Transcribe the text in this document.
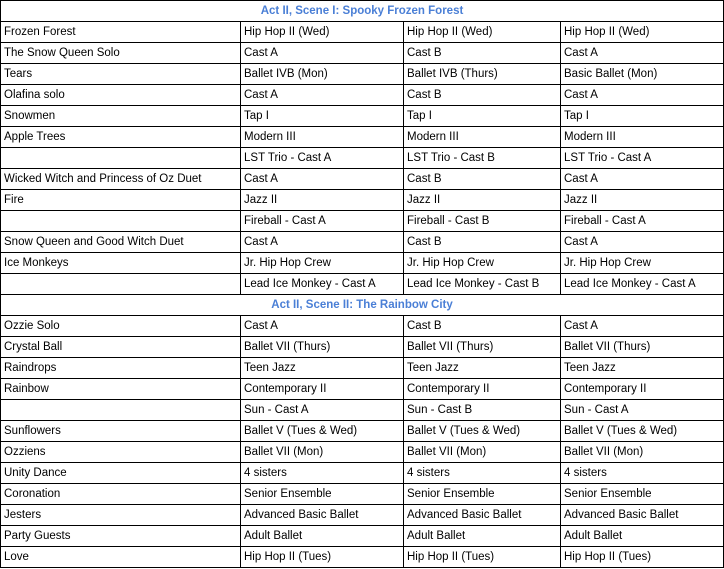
Act II, Scene I: Spooky Frozen Forest			
Frozen Forest	Hip Hop II (Wed)	Hip Hop II (Wed)	Hip Hop II (Wed)
The Snow Queen Solo	Cast A	Cast B	Cast A
Tears	Ballet IVB (Mon)	Ballet IVB (Thurs)	Basic Ballet (Mon)
Olafina solo	Cast A	Cast B	Cast A
Snowmen	Tap I	Tap I	Tap I
Apple Trees	Modern III	Modern III	Modern III
	LST Trio - Cast A	LST Trio - Cast B	LST Trio - Cast A
Wicked Witch and Princess of Oz Duet	Cast A	Cast B	Cast A
Fire	Jazz II	Jazz II	Jazz II
	Fireball - Cast A	Fireball - Cast B	Fireball - Cast A
Snow Queen and Good Witch Duet	Cast A	Cast B	Cast A
Ice Monkeys	Jr. Hip Hop Crew	Jr. Hip Hop Crew	Jr. Hip Hop Crew
	Lead Ice Monkey - Cast A	Lead Ice Monkey - Cast B	Lead Ice Monkey - Cast A
Act II, Scene II: The Rainbow City			
Ozzie Solo	Cast A	Cast B	Cast A
Crystal Ball	Ballet VII (Thurs)	Ballet VII (Thurs)	Ballet VII (Thurs)
Raindrops	Teen Jazz	Teen Jazz	Teen Jazz
Rainbow	Contemporary II	Contemporary II	Contemporary II
	Sun - Cast A	Sun - Cast B	Sun - Cast A
Sunflowers	Ballet V (Tues & Wed)	Ballet V (Tues & Wed)	Ballet V (Tues & Wed)
Ozziens	Ballet VII (Mon)	Ballet VII (Mon)	Ballet VII (Mon)
Unity Dance	4 sisters	4 sisters	4 sisters
Coronation	Senior Ensemble	Senior Ensemble	Senior Ensemble
Jesters	Advanced Basic Ballet	Advanced Basic Ballet	Advanced Basic Ballet
Party Guests	Adult Ballet	Adult Ballet	Adult Ballet
Love	Hip Hop II (Tues)	Hip Hop II (Tues)	Hip Hop II (Tues)
